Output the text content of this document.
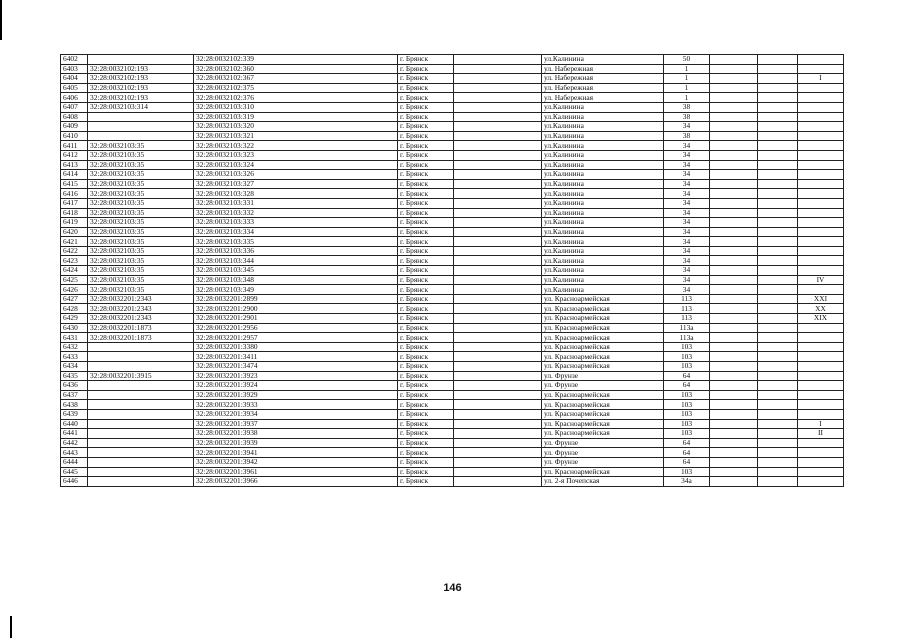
6402		32:28:0032102:339	г. Брянск		ул.Калинина	50			
6403	32:28:0032102:193	32:28:0032102:360	г. Брянск		ул. Набережная	1			
6404	32:28:0032102:193	32:28:0032102:367	г. Брянск		ул. Набережная	1			I
6405	32:28:0032102:193	32:28:0032102:375	г. Брянск		ул. Набережная	1			
6406	32:28:0032102:193	32:28:0032102:376	г. Брянск		ул. Набережная	1			
6407	32:28:0032103:314	32:28:0032103:310	г. Брянск		ул.Калинина	38			
6408		32:28:0032103:319	г. Брянск		ул.Калинина	38			
6409		32:28:0032103:320	г. Брянск		ул.Калинина	34			
6410		32:28:0032103:321	г. Брянск		ул.Калинина	38			
6411	32:28:0032103:35	32:28:0032103:322	г. Брянск		ул.Калинина	34			
6412	32:28:0032103:35	32:28:0032103:323	г. Брянск		ул.Калинина	34			
6413	32:28:0032103:35	32:28:0032103:324	г. Брянск		ул.Калинина	34			
6414	32:28:0032103:35	32:28:0032103:326	г. Брянск		ул.Калинина	34			
6415	32:28:0032103:35	32:28:0032103:327	г. Брянск		ул.Калинина	34			
6416	32:28:0032103:35	32:28:0032103:328	г. Брянск		ул.Калинина	34			
6417	32:28:0032103:35	32:28:0032103:331	г. Брянск		ул.Калинина	34			
6418	32:28:0032103:35	32:28:0032103:332	г. Брянск		ул.Калинина	34			
6419	32:28:0032103:35	32:28:0032103:333	г. Брянск		ул.Калинина	34			
6420	32:28:0032103:35	32:28:0032103:334	г. Брянск		ул.Калинина	34			
6421	32:28:0032103:35	32:28:0032103:335	г. Брянск		ул.Калинина	34			
6422	32:28:0032103:35	32:28:0032103:336	г. Брянск		ул.Калинина	34			
6423	32:28:0032103:35	32:28:0032103:344	г. Брянск		ул.Калинина	34			
6424	32:28:0032103:35	32:28:0032103:345	г. Брянск		ул.Калинина	34			
6425	32:28:0032103:35	32:28:0032103:348	г. Брянск		ул.Калинина	34			IV
6426	32:28:0032103:35	32:28:0032103:349	г. Брянск		ул.Калинина	34			
6427	32:28:0032201:2343	32:28:0032201:2899	г. Брянск		ул. Красноармейская	113			XXI
6428	32:28:0032201:2343	32:28:0032201:2900	г. Брянск		ул. Красноармейская	113			XX
6429	32:28:0032201:2343	32:28:0032201:2901	г. Брянск		ул. Красноармейская	113			XIX
6430	32:28:0032201:1873	32:28:0032201:2956	г. Брянск		ул. Красноармейская	113а			
6431	32:28:0032201:1873	32:28:0032201:2957	г. Брянск		ул. Красноармейская	113а			
6432		32:28:0032201:3380	г. Брянск		ул. Красноармейская	103			
6433		32:28:0032201:3411	г. Брянск		ул. Красноармейская	103			
6434		32:28:0032201:3474	г. Брянск		ул. Красноармейская	103			
6435	32:28:0032201:3915	32:28:0032201:3923	г. Брянск		ул. Фрунзе	64			
6436		32:28:0032201:3924	г. Брянск		ул. Фрунзе	64			
6437		32:28:0032201:3929	г. Брянск		ул. Красноармейская	103			
6438		32:28:0032201:3933	г. Брянск		ул. Красноармейская	103			
6439		32:28:0032201:3934	г. Брянск		ул. Красноармейская	103			
6440		32:28:0032201:3937	г. Брянск		ул. Красноармейская	103			I
6441		32:28:0032201:3938	г. Брянск		ул. Красноармейская	103			II
6442		32:28:0032201:3939	г. Брянск		ул. Фрунзе	64			
6443		32:28:0032201:3941	г. Брянск		ул. Фрунзе	64			
6444		32:28:0032201:3942	г. Брянск		ул. Фрунзе	64			
6445		32:28:0032201:3961	г. Брянск		ул. Красноармейская	103			
6446		32:28:0032201:3966	г. Брянск		ул. 2-я Почепская	34а			
146
